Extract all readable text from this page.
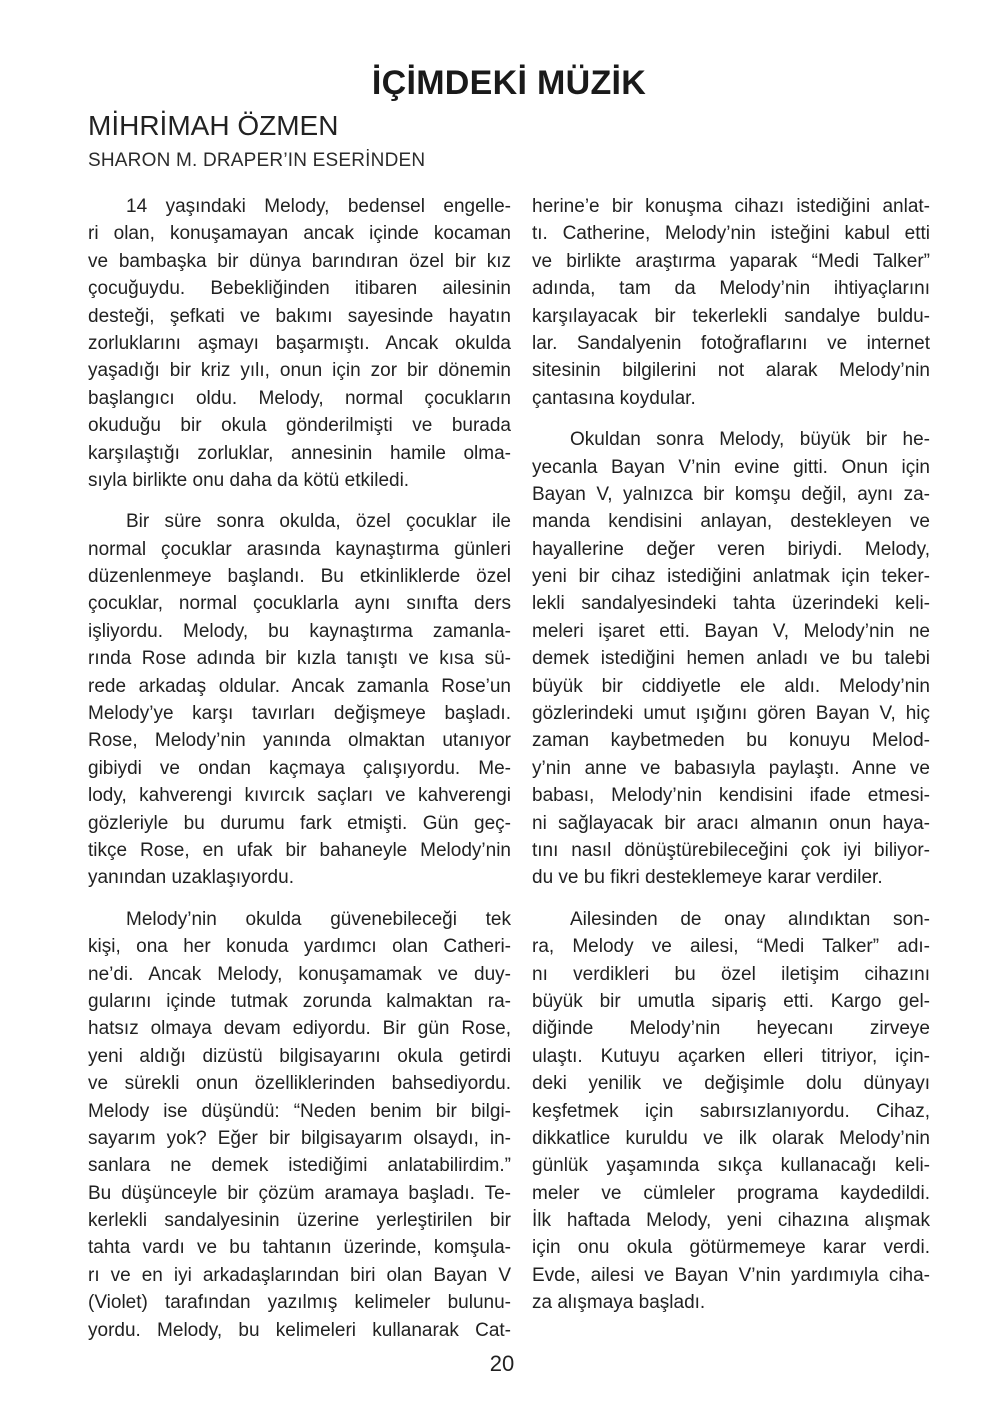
İÇİMDEKİ MÜZİK
MİHRİMAH ÖZMEN
SHARON M. DRAPER’IN ESERİNDEN
14 yaşındaki Melody, bedensel engelle-
ri olan, konuşamayan ancak içinde kocaman
ve bambaşka bir dünya barındıran özel bir kız
çocuğuydu. Bebekliğinden itibaren ailesinin
desteği, şefkati ve bakımı sayesinde hayatın
zorluklarını aşmayı başarmıştı. Ancak okulda
yaşadığı bir kriz yılı, onun için zor bir dönemin
başlangıcı oldu. Melody, normal çocukların
okuduğu bir okula gönderilmişti ve burada
karşılaştığı zorluklar, annesinin hamile olma-
sıyla birlikte onu daha da kötü etkiledi.
Bir süre sonra okulda, özel çocuklar ile
normal çocuklar arasında kaynaştırma günleri
düzenlenmeye başlandı. Bu etkinliklerde özel
çocuklar, normal çocuklarla aynı sınıfta ders
işliyordu. Melody, bu kaynaştırma zamanla-
rında Rose adında bir kızla tanıştı ve kısa sü-
rede arkadaş oldular. Ancak zamanla Rose’un
Melody’ye karşı tavırları değişmeye başladı.
Rose, Melody’nin yanında olmaktan utanıyor
gibiydi ve ondan kaçmaya çalışıyordu. Me-
lody, kahverengi kıvırcık saçları ve kahverengi
gözleriyle bu durumu fark etmişti. Gün geç-
tikçe Rose, en ufak bir bahaneyle Melody’nin
yanından uzaklaşıyordu.
Melody’nin okulda güvenebileceği tek
kişi, ona her konuda yardımcı olan Catheri-
ne’di. Ancak Melody, konuşamamak ve duy-
gularını içinde tutmak zorunda kalmaktan ra-
hatsız olmaya devam ediyordu. Bir gün Rose,
yeni aldığı dizüstü bilgisayarını okula getirdi
ve sürekli onun özelliklerinden bahsediyordu.
Melody ise düşündü: “Neden benim bir bilgi-
sayarım yok? Eğer bir bilgisayarım olsaydı, in-
sanlara ne demek istediğimi anlatabilirdim.”
Bu düşünceyle bir çözüm aramaya başladı. Te-
kerlekli sandalyesinin üzerine yerleştirilen bir
tahta vardı ve bu tahtanın üzerinde, komşula-
rı ve en iyi arkadaşlarından biri olan Bayan V
(Violet) tarafından yazılmış kelimeler bulunu-
yordu. Melody, bu kelimeleri kullanarak Cat-
herine’e bir konuşma cihazı istediğini anlat-
tı. Catherine, Melody’nin isteğini kabul etti
ve birlikte araştırma yaparak “Medi Talker”
adında, tam da Melody’nin ihtiyaçlarını
karşılayacak bir tekerlekli sandalye buldu-
lar. Sandalyenin fotoğraflarını ve internet
sitesinin bilgilerini not alarak Melody’nin
çantasına koydular.
Okuldan sonra Melody, büyük bir he-
yecanla Bayan V’nin evine gitti. Onun için
Bayan V, yalnızca bir komşu değil, aynı za-
manda kendisini anlayan, destekleyen ve
hayallerine değer veren biriydi. Melody,
yeni bir cihaz istediğini anlatmak için teker-
lekli sandalyesindeki tahta üzerindeki keli-
meleri işaret etti. Bayan V, Melody’nin ne
demek istediğini hemen anladı ve bu talebi
büyük bir ciddiyetle ele aldı. Melody’nin
gözlerindeki umut ışığını gören Bayan V, hiç
zaman kaybetmeden bu konuyu Melod-
y’nin anne ve babasıyla paylaştı. Anne ve
babası, Melody’nin kendisini ifade etmesi-
ni sağlayacak bir aracı almanın onun haya-
tını nasıl dönüştürebileceğini çok iyi biliyor-
du ve bu fikri desteklemeye karar verdiler.
Ailesinden de onay alındıktan son-
ra, Melody ve ailesi, “Medi Talker” adı-
nı verdikleri bu özel iletişim cihazını
büyük bir umutla sipariş etti. Kargo gel-
diğinde Melody’nin heyecanı zirveye
ulaştı. Kutuyu açarken elleri titriyor, için-
deki yenilik ve değişimle dolu dünyayı
keşfetmek için sabırsızlanıyordu. Cihaz,
dikkatlice kuruldu ve ilk olarak Melody’nin
günlük yaşamında sıkça kullanacağı keli-
meler ve cümleler programa kaydedildi.
İlk haftada Melody, yeni cihazına alışmak
için onu okula götürmemeye karar verdi.
Evde, ailesi ve Bayan V’nin yardımıyla ciha-
za alışmaya başladı.
20
